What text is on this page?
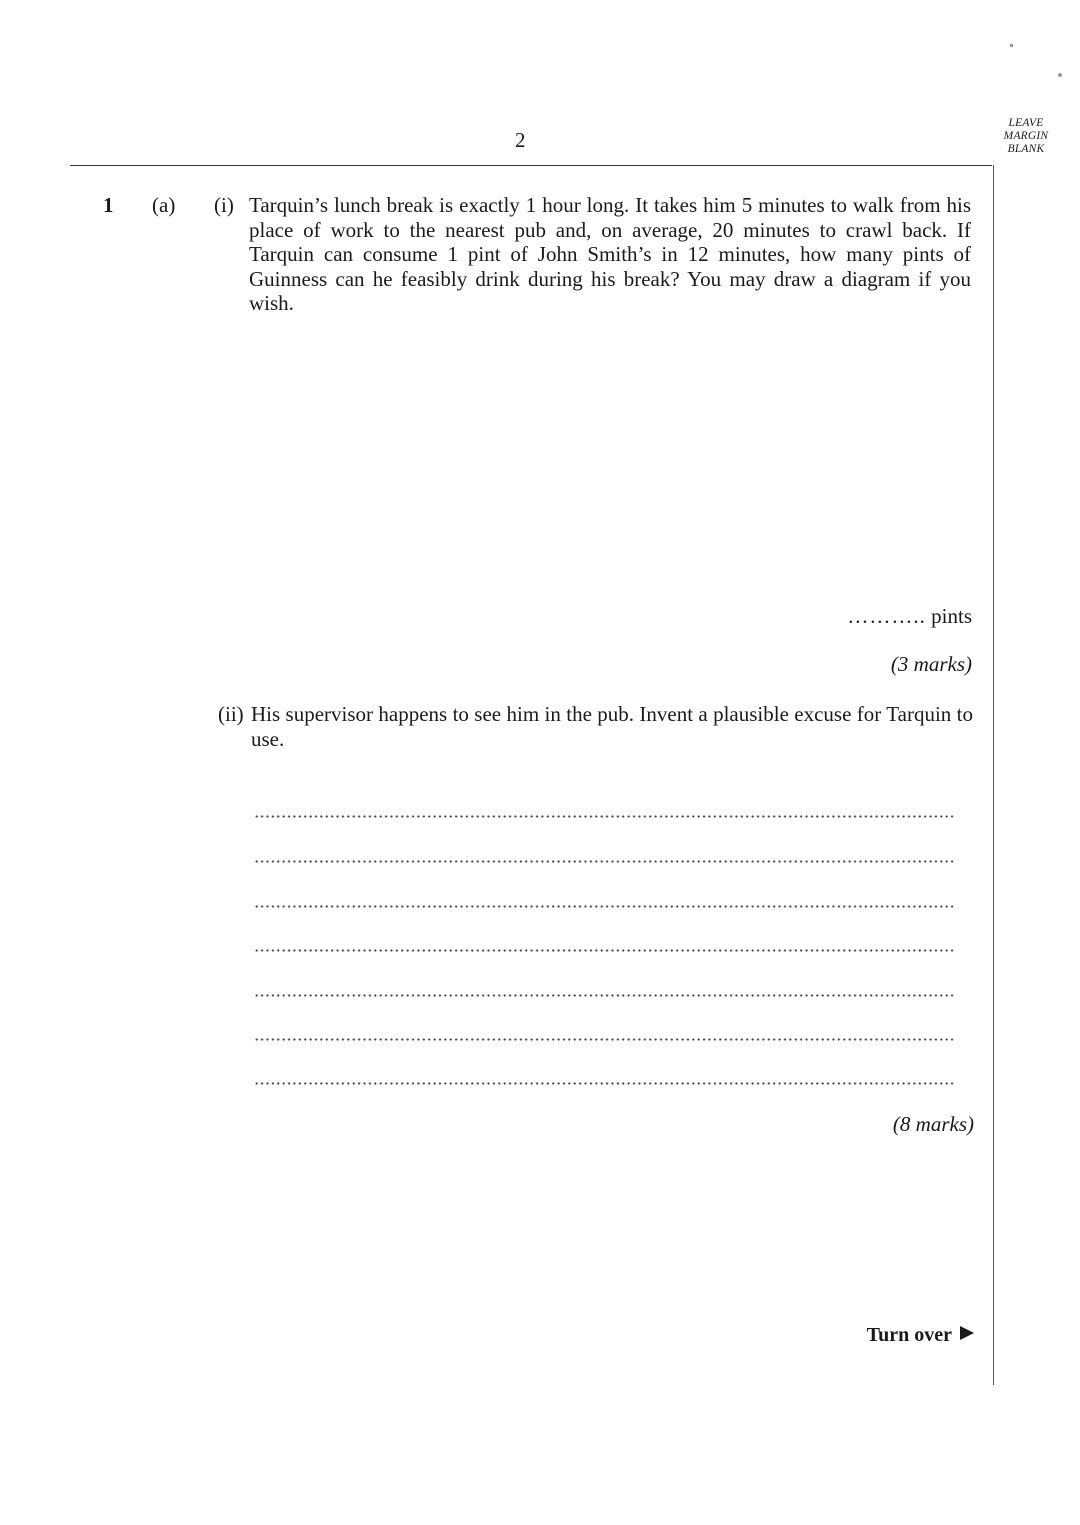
2
LEAVE
MARGIN
BLANK
1 (a) (i) Tarquin’s lunch break is exactly 1 hour long. It takes him 5 minutes to walk from his place of work to the nearest pub and, on average, 20 minutes to crawl back. If Tarquin can consume 1 pint of John Smith’s in 12 minutes, how many pints of Guinness can he feasibly drink during his break? You may draw a diagram if you wish.
……….. pints
(3 marks)
(ii) His supervisor happens to see him in the pub. Invent a plausible excuse for Tarquin to use.
(8 marks)
Turn over
